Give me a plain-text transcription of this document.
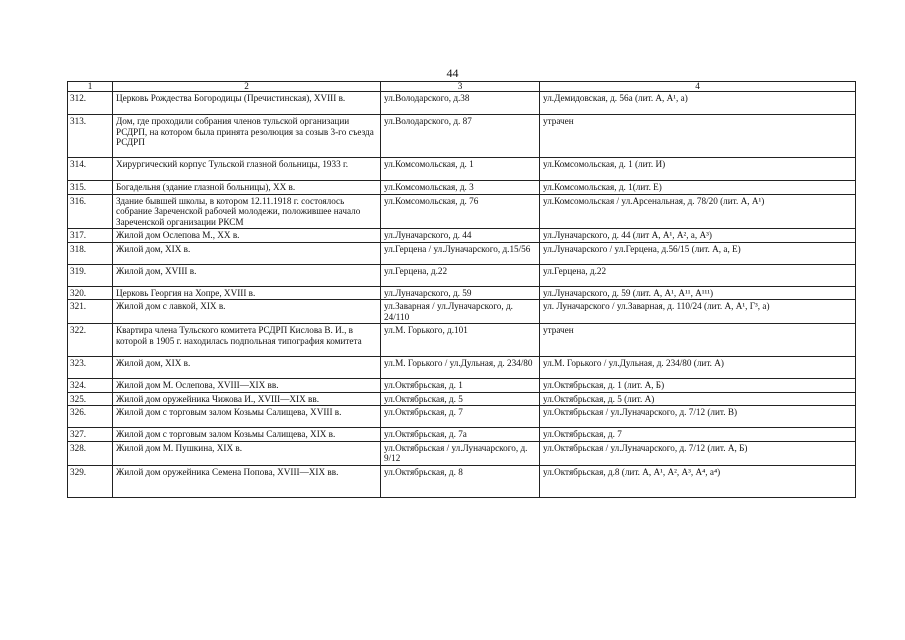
44
1	2	3	4
312.	Церковь Рождества Богородицы (Пречистинская), XVIII в.	ул.Володарского, д.38	ул.Демидовская, д. 56а (лит. А, А¹, а)
313.	Дом, где проходили собрания членов тульской организации РСДРП, на котором была принята резолюция за созыв 3-го съезда РСДРП	ул.Володарского, д. 87	утрачен
314.	Хирургический корпус Тульской глазной больницы, 1933 г.	ул.Комсомольская, д. 1	ул.Комсомольская, д. 1 (лит. И)
315.	Богадельня (здание глазной больницы), XX в.	ул.Комсомольская, д. 3	ул.Комсомольская, д. 1(лит. Е)
316.	Здание бывшей школы, в котором 12.11.1918 г. состоялось собрание Зареченской рабочей молодежи, положившее начало Зареченской организации РКСМ	ул.Комсомольская, д. 76	ул.Комсомольская / ул.Арсенальная, д. 78/20 (лит. А, А¹)
317.	Жилой дом Ослепова М., XX в.	ул.Луначарского, д. 44	ул.Луначарского, д. 44 (лит А, А¹, А², а, А³)
318.	Жилой дом, XIX в.	ул.Герцена / ул.Луначарского, д.15/56	ул.Луначарского / ул.Герцена, д.56/15 (лит. А, а, Е)
319.	Жилой дом, XVIII в.	ул.Герцена, д.22	ул.Герцена, д.22
320.	Церковь Георгия на Хопре, XVIII в.	ул.Луначарского, д. 59	ул.Луначарского, д. 59 (лит. А, А¹, А¹¹, А¹¹¹)
321.	Жилой дом с лавкой, XIX в.	ул.Заварная / ул.Луначарского, д. 24/110	ул. Луначарского / ул.Заварная, д. 110/24 (лит. А, А¹, Г³, а)
322.	Квартира члена Тульского комитета РСДРП Кислова В. И., в которой в 1905 г. находилась подпольная типография комитета	ул.М. Горького, д.101	утрачен
323.	Жилой дом, XIX в.	ул.М. Горького / ул.Дульная, д. 234/80	ул.М. Горького / ул.Дульная, д. 234/80 (лит. А)
324.	Жилой дом М. Ослепова, XVIII—XIX вв.	ул.Октябрьская, д. 1	ул.Октябрьская, д. 1 (лит. А, Б)
325.	Жилой дом оружейника Чижова И., XVIII—XIX вв.	ул.Октябрьская, д. 5	ул.Октябрьская, д. 5 (лит. А)
326.	Жилой дом с торговым залом Козьмы Салищева, XVIII в.	ул.Октябрьская, д. 7	ул.Октябрьская / ул.Луначарского, д. 7/12 (лит. В)
327.	Жилой дом с торговым залом Козьмы Салищева, XIX в.	ул.Октябрьская, д. 7а	ул.Октябрьская, д. 7
328.	Жилой дом М. Пушкина, XIX в.	ул.Октябрьская / ул.Луначарского, д. 9/12	ул.Октябрьская / ул.Луначарского, д. 7/12 (лит. А, Б)
329.	Жилой дом оружейника Семена Попова, XVIII—XIX вв.	ул.Октябрьская, д. 8	ул.Октябрьская, д.8 (лит. А, А¹, А², А³, А⁴, а⁴)
